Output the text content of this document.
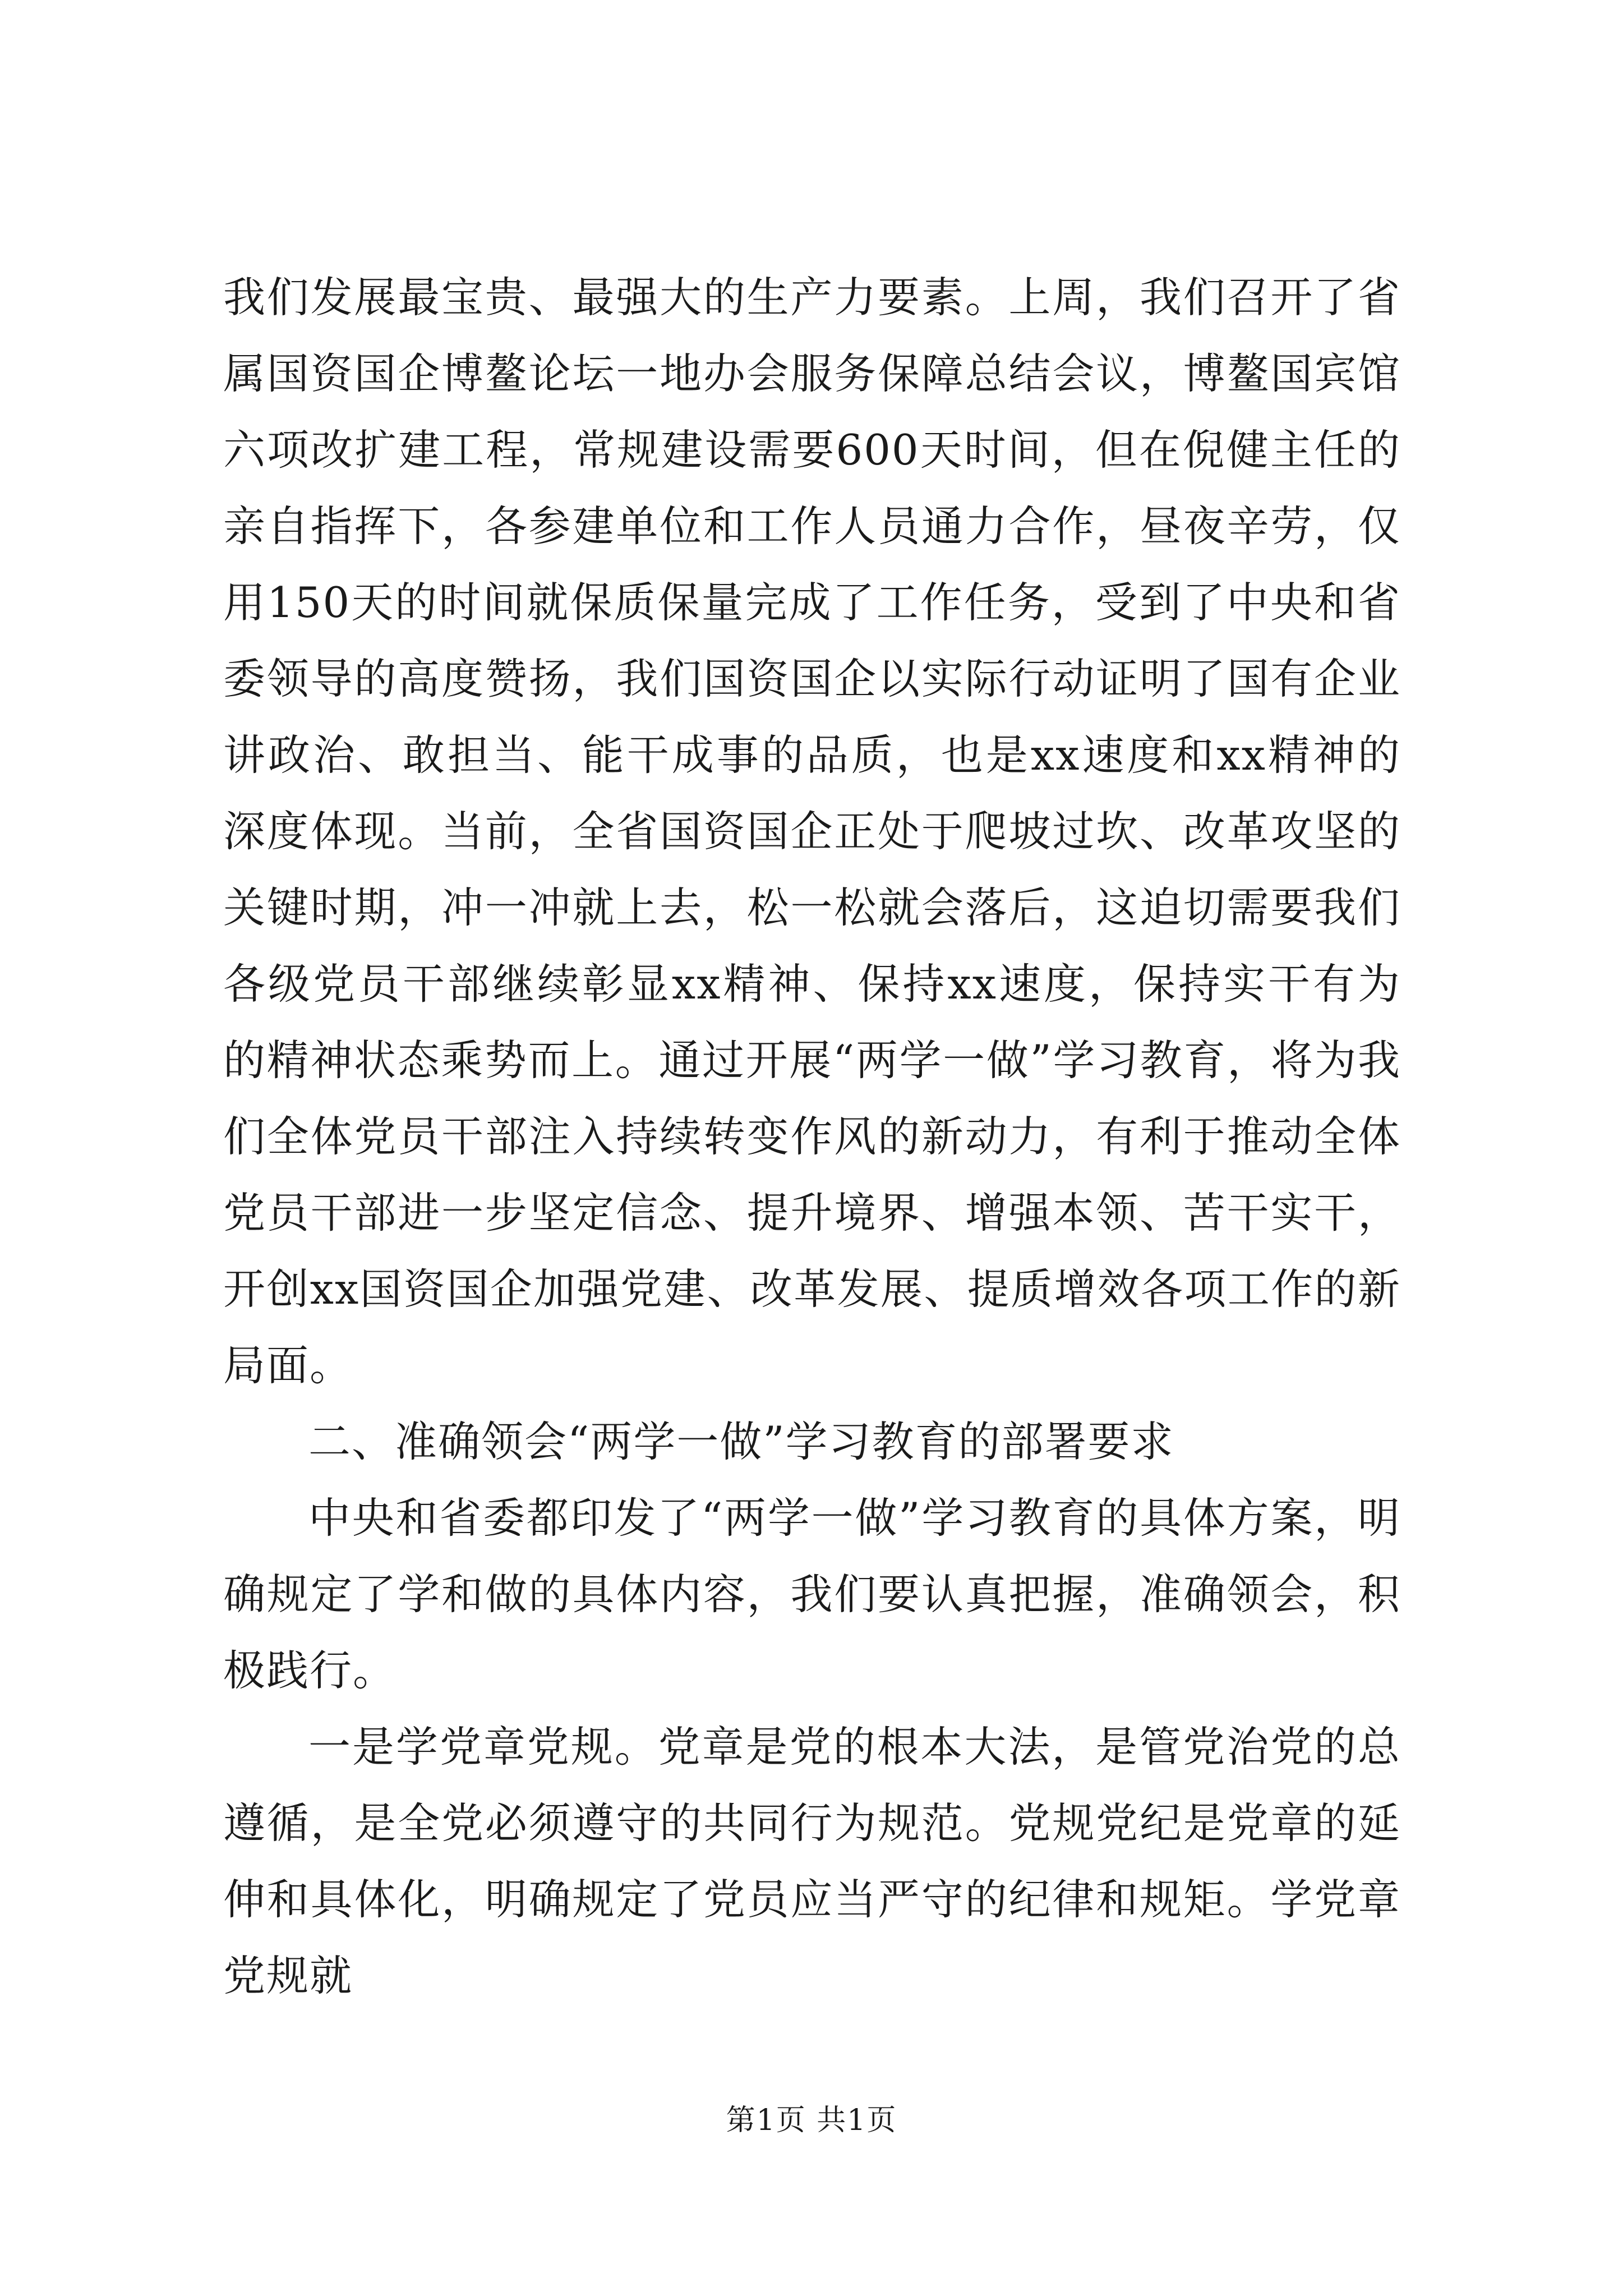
我们发展最宝贵、最强大的生产力要素。上周，我们召开了省属国资国企博鳌论坛一地办会服务保障总结会议，博鳌国宾馆六项改扩建工程，常规建设需要600天时间，但在倪健主任的亲自指挥下，各参建单位和工作人员通力合作，昼夜辛劳，仅用150天的时间就保质保量完成了工作任务，受到了中央和省委领导的高度赞扬，我们国资国企以实际行动证明了国有企业讲政治、敢担当、能干成事的品质，也是xx速度和xx精神的深度体现。当前，全省国资国企正处于爬坡过坎、改革攻坚的关键时期，冲一冲就上去，松一松就会落后，这迫切需要我们各级党员干部继续彰显xx精神、保持xx速度，保持实干有为的精神状态乘势而上。通过开展“两学一做”学习教育，将为我们全体党员干部注入持续转变作风的新动力，有利于推动全体党员干部进一步坚定信念、提升境界、增强本领、苦干实干，开创xx国资国企加强党建、改革发展、提质增效各项工作的新局面。

二、准确领会“两学一做”学习教育的部署要求

中央和省委都印发了“两学一做”学习教育的具体方案，明确规定了学和做的具体内容，我们要认真把握，准确领会，积极践行。

一是学党章党规。党章是党的根本大法，是管党治党的总遵循，是全党必须遵守的共同行为规范。党规党纪是党章的延伸和具体化，明确规定了党员应当严守的纪律和规矩。学党章党规就

第1页 共1页
